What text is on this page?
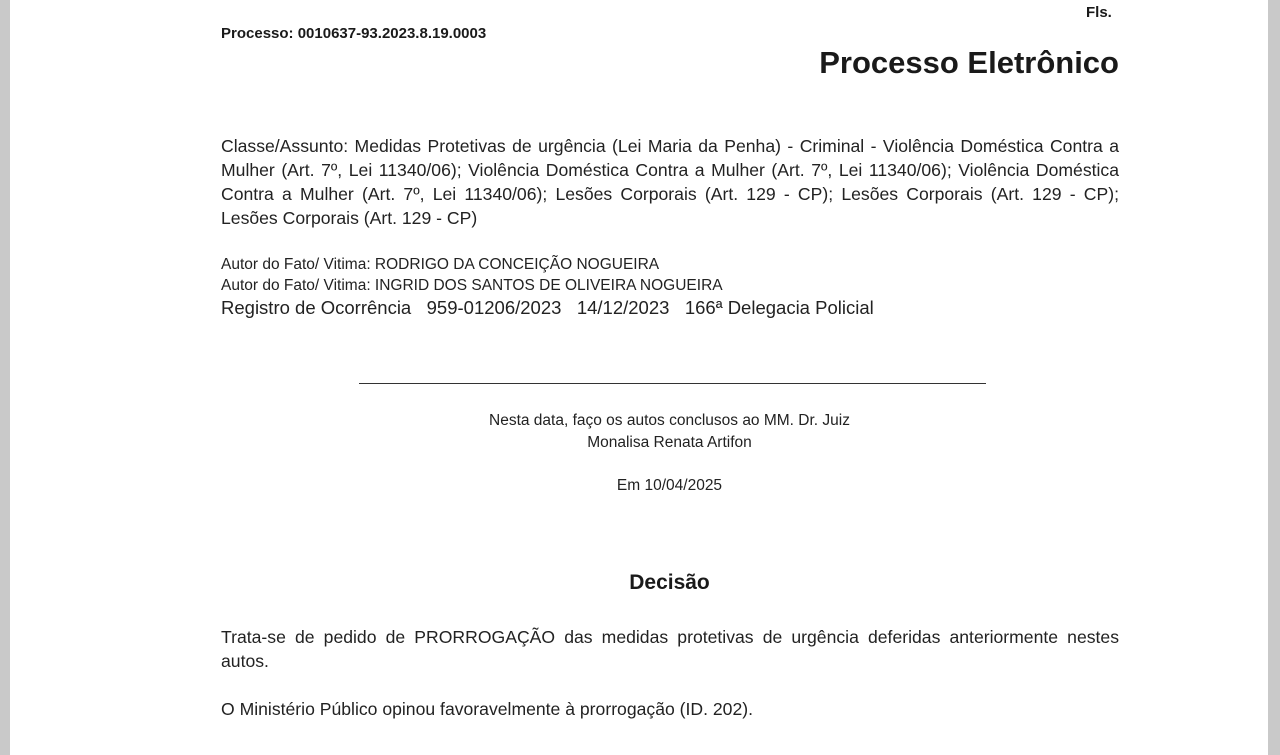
Fls.
Processo: 0010637-93.2023.8.19.0003
Processo Eletrônico
Classe/Assunto: Medidas Protetivas de urgência (Lei Maria da Penha) - Criminal - Violência Doméstica Contra a Mulher (Art. 7º, Lei 11340/06); Violência Doméstica Contra a Mulher (Art. 7º, Lei 11340/06); Violência Doméstica Contra a Mulher (Art. 7º, Lei 11340/06); Lesões Corporais (Art. 129 - CP); Lesões Corporais (Art. 129 - CP); Lesões Corporais (Art. 129 - CP)
Autor do Fato/ Vitima: RODRIGO DA CONCEIÇÃO NOGUEIRA
Autor do Fato/ Vitima: INGRID DOS SANTOS DE OLIVEIRA NOGUEIRA
Registro de Ocorrência   959-01206/2023   14/12/2023   166ª Delegacia Policial
Nesta data, faço os autos conclusos ao MM. Dr. Juiz
Monalisa Renata Artifon
Em 10/04/2025
Decisão

Trata-se de pedido de PRORROGAÇÃO das medidas protetivas de urgência deferidas anteriormente nestes autos.

O Ministério Público opinou favoravelmente à prorrogação (ID. 202).
